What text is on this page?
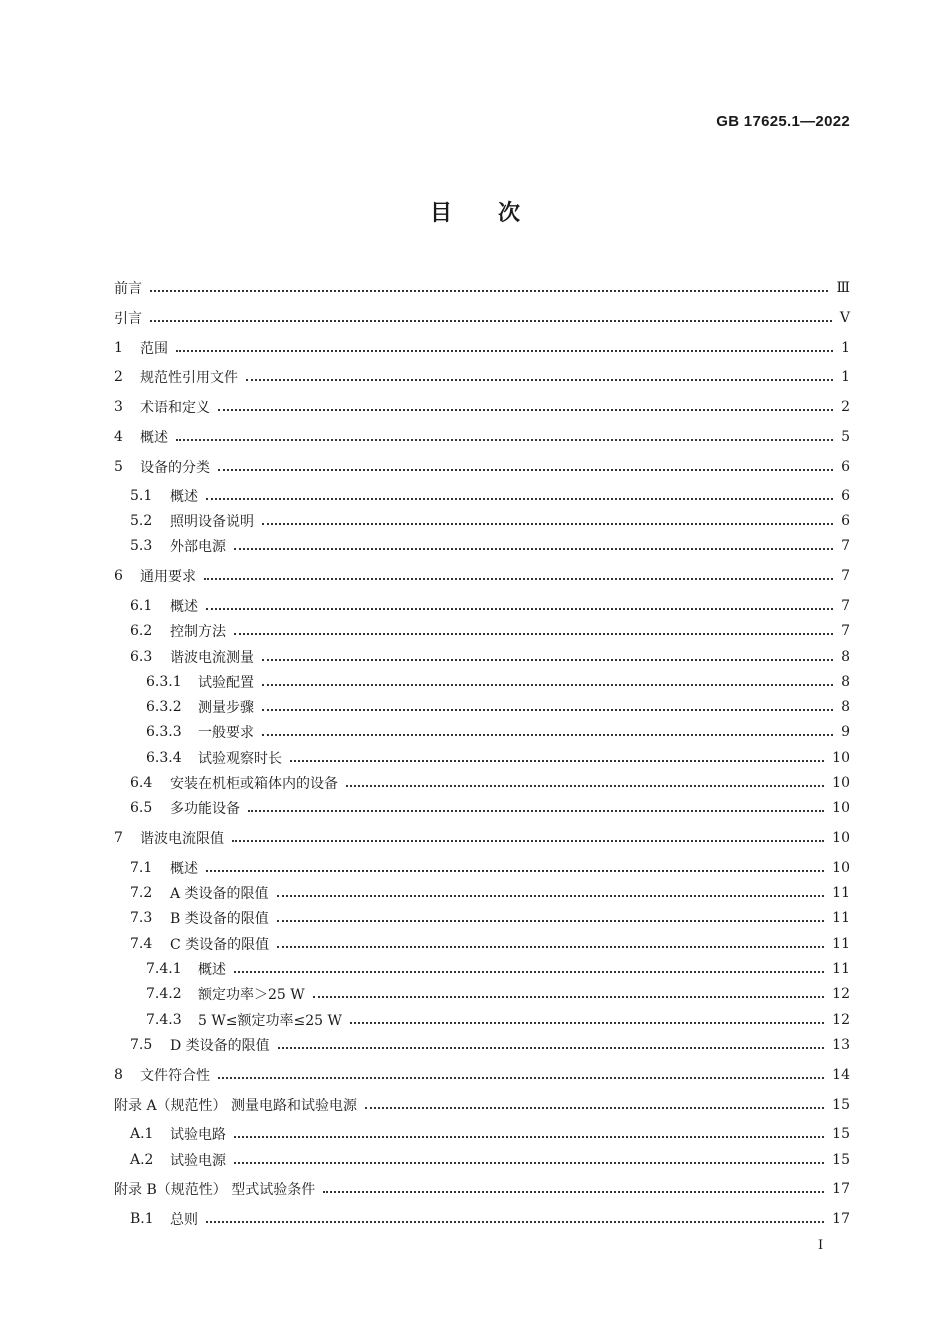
GB 17625.1—2022
目 次
前言	Ⅲ
引言	Ⅴ
1	范围	1
2	规范性引用文件	1
3	术语和定义	2
4	概述	5
5	设备的分类	6
5.1	概述	6
5.2	照明设备说明	6
5.3	外部电源	7
6	通用要求	7
6.1	概述	7
6.2	控制方法	7
6.3	谐波电流测量	8
6.3.1	试验配置	8
6.3.2	测量步骤	8
6.3.3	一般要求	9
6.3.4	试验观察时长	10
6.4	安装在机柜或箱体内的设备	10
6.5	多功能设备	10
7	谐波电流限值	10
7.1	概述	10
7.2	A 类设备的限值	11
7.3	B 类设备的限值	11
7.4	C 类设备的限值	11
7.4.1	概述	11
7.4.2	额定功率＞25 W	12
7.4.3	5 W≤额定功率≤25 W	12
7.5	D 类设备的限值	13
8	文件符合性	14
附录 A（规范性） 测量电路和试验电源	15
A.1	试验电路	15
A.2	试验电源	15
附录 B（规范性） 型式试验条件	17
B.1	总则	17
Ⅰ
